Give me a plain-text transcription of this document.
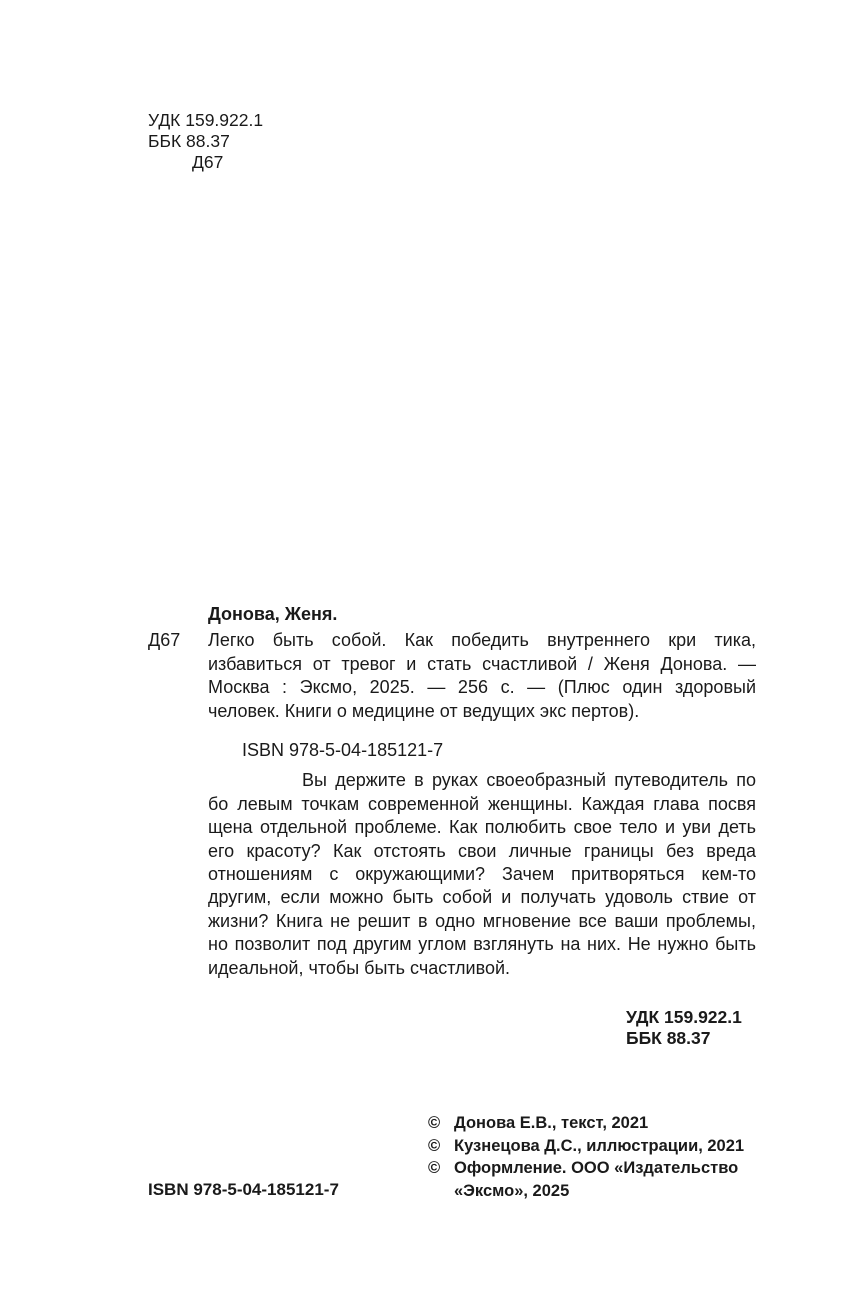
УДК 159.922.1
ББК 88.37
Д67
Донова, Женя.
Д67	Легко быть собой. Как победить внутреннего кри тика, избавиться от тревог и стать счастливой / Женя Донова. — Москва : Эксмо, 2025. — 256 с. — (Плюс один здоровый человек. Книги о медицине от ведущих экс пертов).
ISBN 978-5-04-185121-7
Вы держите в руках своеобразный путеводитель по бо левым точкам современной женщины. Каждая глава посвя щена отдельной проблеме. Как полюбить свое тело и уви деть его красоту? Как отстоять свои личные границы без вреда отношениям с окружающими? Зачем притворяться кем-то другим, если можно быть собой и получать удоволь ствие от жизни? Книга не решит в одно мгновение все ваши проблемы, но позволит под другим углом взглянуть на них. Не нужно быть идеальной, чтобы быть счастливой.
УДК 159.922.1
ББК 88.37
© Донова Е.В., текст, 2021
© Кузнецова Д.С., иллюстрации, 2021
© Оформление. ООО «Издательство
«Эксмо», 2025
ISBN 978-5-04-185121-7
